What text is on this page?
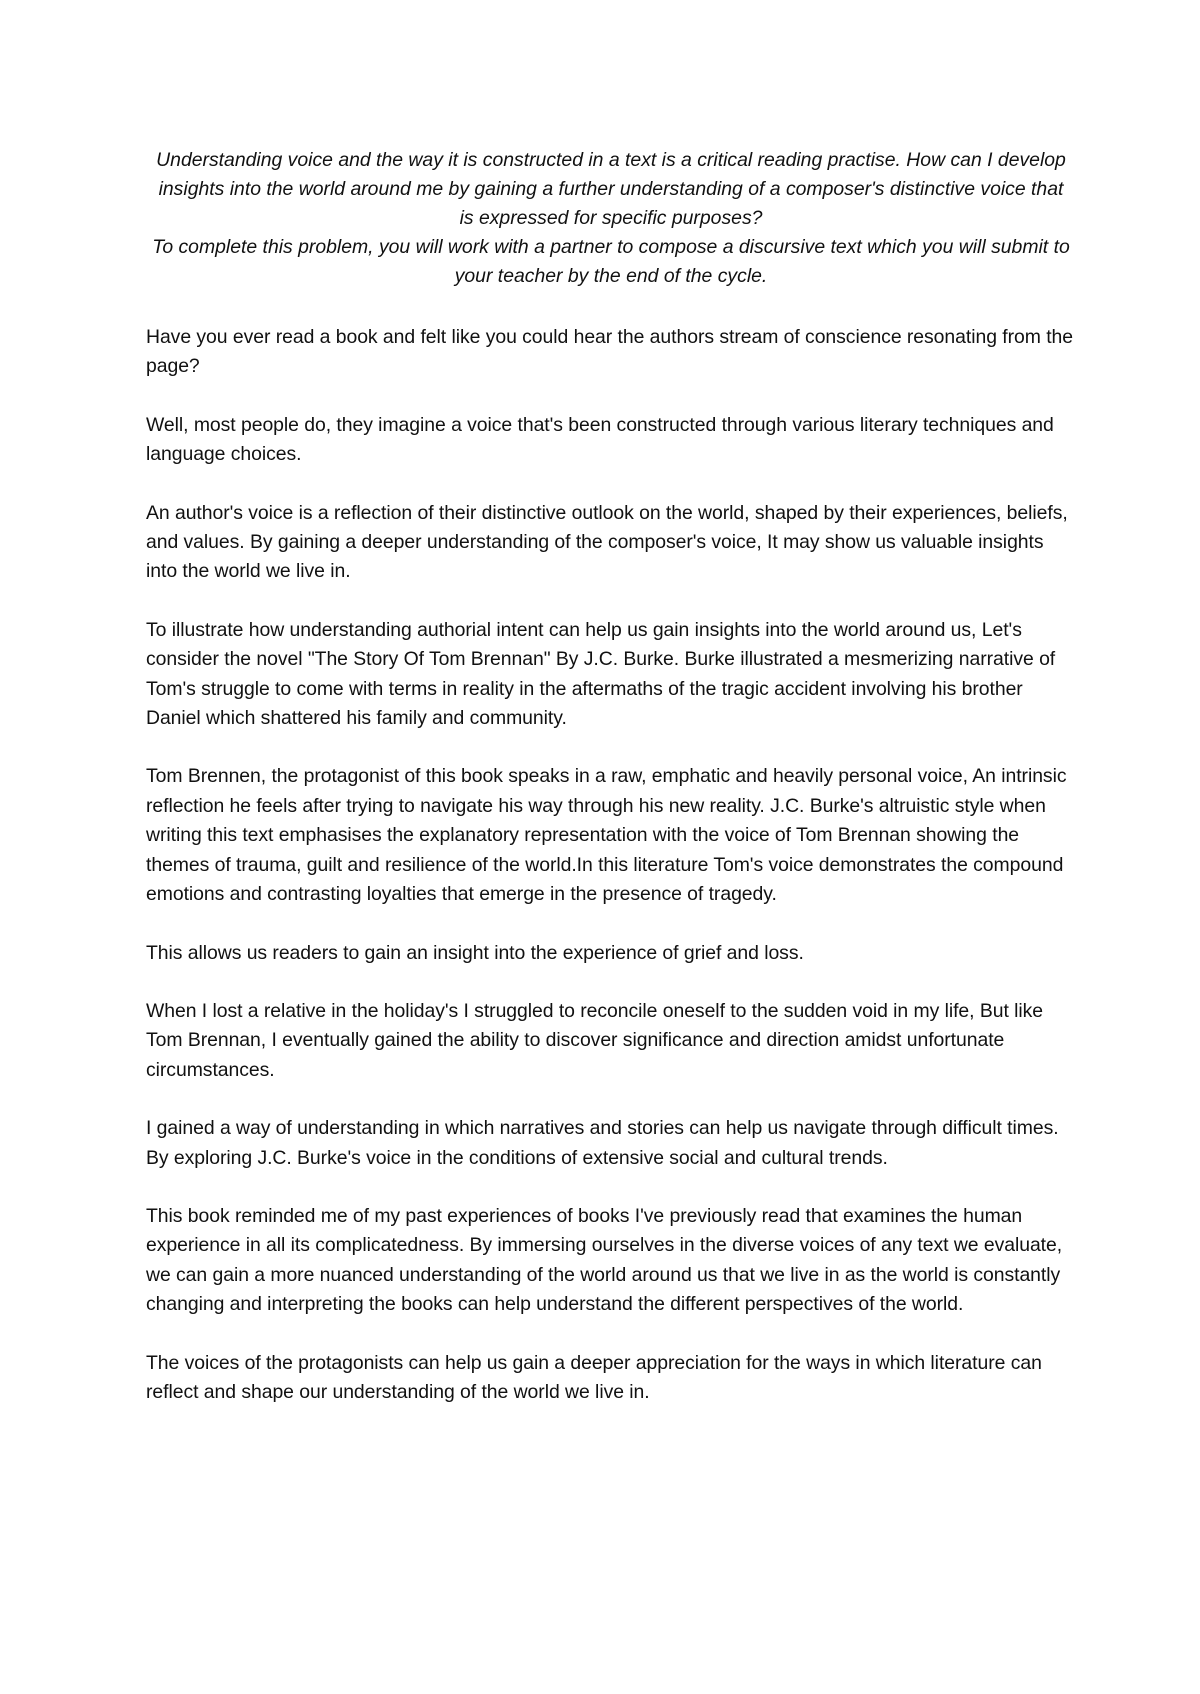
Understanding voice and the way it is constructed in a text is a critical reading practise. How can I develop insights into the world around me by gaining a further understanding of a composer's distinctive voice that is expressed for specific purposes?
To complete this problem, you will work with a partner to compose a discursive text which you will submit to your teacher by the end of the cycle.

Have you ever read a book and felt like you could hear the authors stream of conscience resonating from the page?

Well, most people do, they imagine a voice that's been constructed through various literary techniques and language choices.

An author's voice is a reflection of their distinctive outlook on the world, shaped by their experiences, beliefs, and values. By gaining a deeper understanding of the composer's voice, It may show us valuable insights into the world we live in.

To illustrate how understanding authorial intent can help us gain insights into the world around us, Let's consider the novel "The Story Of Tom Brennan" By J.C. Burke. Burke illustrated a mesmerizing narrative of Tom's struggle to come with terms in reality in the aftermaths of the tragic accident involving his brother Daniel which shattered his family and community.

Tom Brennen, the protagonist of this book speaks in a raw, emphatic and heavily personal voice, An intrinsic reflection he feels after trying to navigate his way through his new reality. J.C. Burke's altruistic style when writing this text emphasises the explanatory representation with the voice of Tom Brennan showing the themes of trauma, guilt and resilience of the world.In this literature Tom's voice demonstrates the compound emotions and contrasting loyalties that emerge in the presence of tragedy.

This allows us readers to gain an insight into the experience of grief and loss.

When I lost a relative in the holiday's I struggled to reconcile oneself to the sudden void in my life, But like Tom Brennan, I eventually gained the ability to discover significance and direction amidst unfortunate circumstances.

I gained a way of understanding in which narratives and stories can help us navigate through difficult times. By exploring J.C. Burke's voice in the conditions of extensive social and cultural trends.

This book reminded me of my past experiences of books I've previously read that examines the human experience in all its complicatedness. By immersing ourselves in the diverse voices of any text we evaluate, we can gain a more nuanced understanding of the world around us that we live in as the world is constantly changing and interpreting the books can help understand the different perspectives of the world.

The voices of the protagonists can help us gain a deeper appreciation for the ways in which literature can reflect and shape our understanding of the world we live in.
